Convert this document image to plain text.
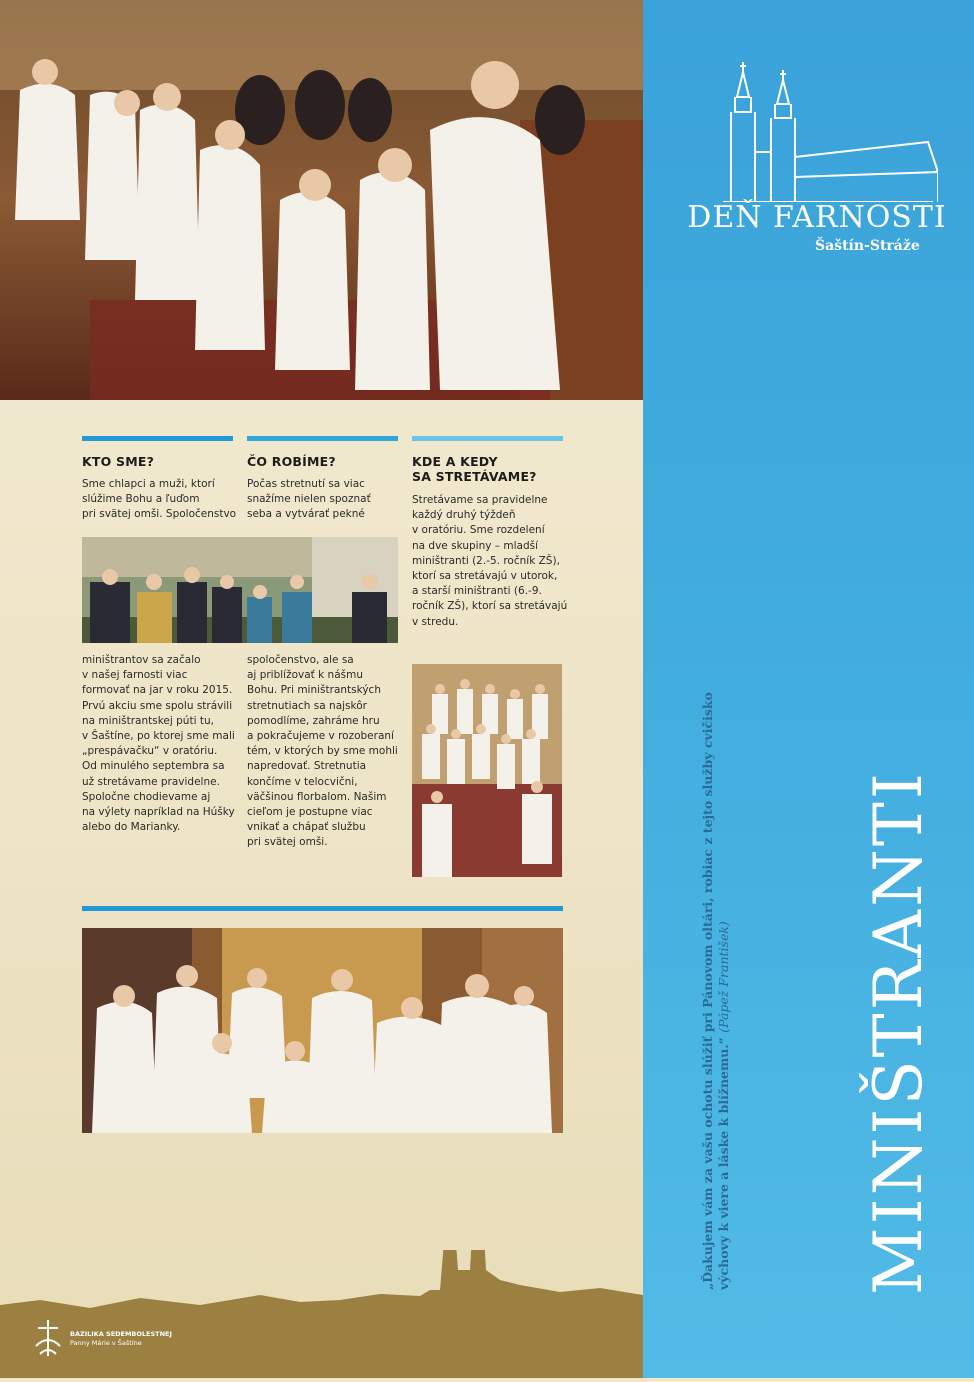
KTO SME?	ČO ROBÍME?	KDE A KEDY
SA STRETÁVAME?
Sme chlapci a muži, ktorí
slúžime Bohu a ľuďom
pri svätej omši. Spoločenstvo
Počas stretnutí sa viac
snažíme nielen spoznať
seba a vytvárať pekné
Stretávame sa pravidelne
každý druhý týždeň
v oratóriu. Sme rozdelení
na dve skupiny – mladší
miništranti (2.-5. ročník ZŠ),
ktorí sa stretávajú v utorok,
a starší miništranti (6.-9.
ročník ZŠ), ktorí sa stretávajú
v stredu.
miništrantov sa začalo
v našej farnosti viac
formovať na jar v roku 2015.
Prvú akciu sme spolu strávili
na miništrantskej púti tu,
v Šaštíne, po ktorej sme mali
„prespávačku“ v oratóriu.
Od minulého septembra sa
už stretávame pravidelne.
Spoločne chodievame aj
na výlety napríklad na Húšky
alebo do Marianky.
spoločenstvo, ale sa
aj priblížovať k nášmu
Bohu. Pri miništrantských
stretnutiach sa najskôr
pomodlíme, zahráme hru
a pokračujeme v rozoberaní
tém, v ktorých by sme mohli
napredovať. Stretnutia
končíme v telocvični,
väčšinou florbalom. Našim
cieľom je postupne viac
vnikať a chápať službu
pri svätej omši.
BAZILIKA SEDEMBOLESTNEJ
Panny Márie v Šaštíne
DEŇ FARNOSTI
Šaštín-Stráže
„Ďakujem vám za vašu ochotu slúžiť pri Pánovom oltári, robiac z tejto služby cvičisko
výchovy k viere a láske k blížnemu.“ (Pápež František) MINIŠTRANTI
